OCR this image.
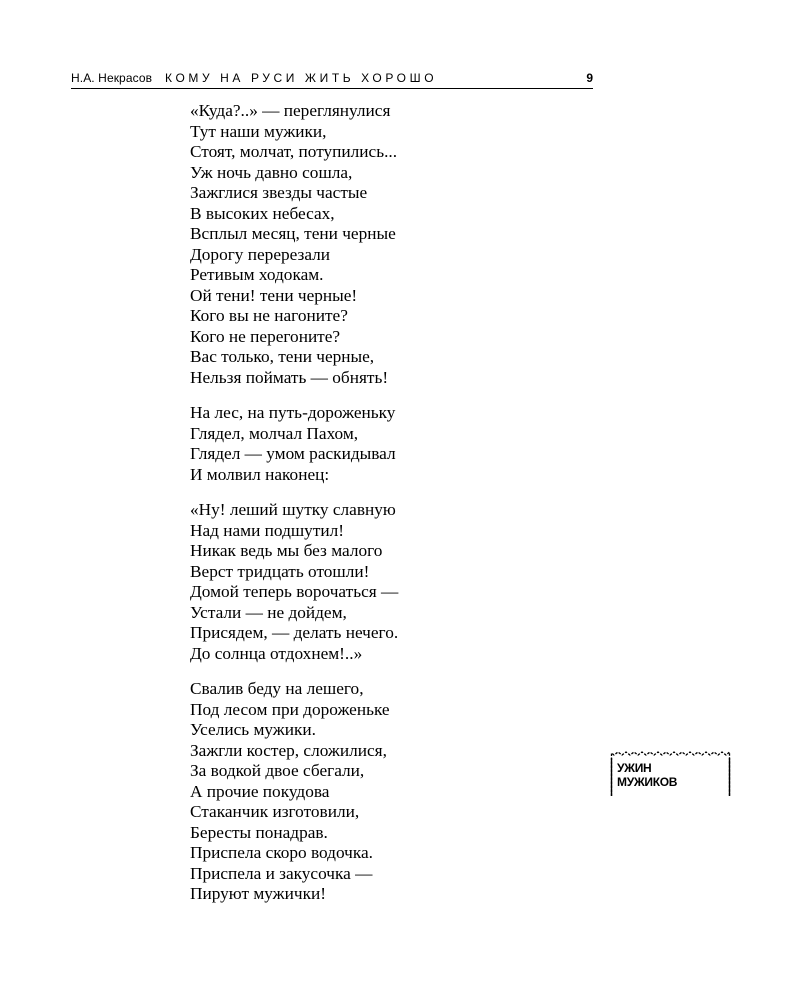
Н.А. Некрасов КОМУ НА РУСИ ЖИТЬ ХОРОШО	9
«Куда?..» — переглянулися
Тут наши мужики,
Стоят, молчат, потупились...
Уж ночь давно сошла,
Зажглися звезды частые
В высоких небесах,
Всплыл месяц, тени черные
Дорогу перерезали
Ретивым ходокам.
Ой тени! тени черные!
Кого вы не нагоните?
Кого не перегоните?
Вас только, тени черные,
Нельзя поймать — обнять!
На лес, на путь-дороженьку
Глядел, молчал Пахом,
Глядел — умом раскидывал
И молвил наконец:
«Ну! леший шутку славную
Над нами подшутил!
Никак ведь мы без малого
Верст тридцать отошли!
Домой теперь ворочаться —
Устали — не дойдем,
Присядем, — делать нечего.
До солнца отдохнем!..»
Свалив беду на лешего,
Под лесом при дороженьке
Уселись мужики.
Зажгли костер, сложилися,
За водкой двое сбегали,
А прочие покудова
Стаканчик изготовили,
Бересты понадрав.
Приспела скоро водочка.
Приспела и закусочка —
Пируют мужички!
УЖИН
МУЖИКОВ
